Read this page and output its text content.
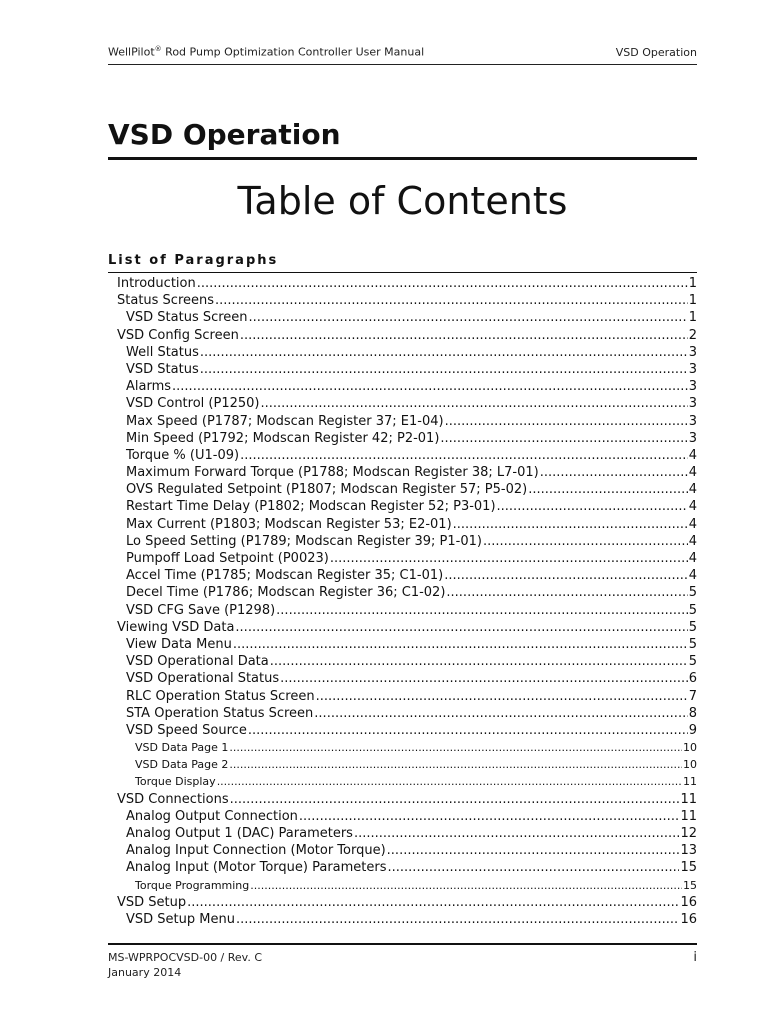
WellPilot® Rod Pump Optimization Controller User Manual	VSD Operation
VSD Operation
Table of Contents
List of Paragraphs
Introduction .....	1
Status Screens .....	1
VSD Status Screen .....	1
VSD Config Screen .....	2
Well Status .....	3
VSD Status .....	3
Alarms .....	3
VSD Control (P1250) .....	3
Max Speed (P1787; Modscan Register 37; E1-04) .....	3
Min Speed (P1792; Modscan Register 42; P2-01) .....	3
Torque % (U1-09) .....	4
Maximum Forward Torque (P1788; Modscan Register 38; L7-01) .....	4
OVS Regulated Setpoint (P1807; Modscan Register 57; P5-02) .....	4
Restart Time Delay (P1802; Modscan Register 52; P3-01) .....	4
Max Current (P1803; Modscan Register 53; E2-01) .....	4
Lo Speed Setting (P1789; Modscan Register 39; P1-01) .....	4
Pumpoff Load Setpoint (P0023) .....	4
Accel Time (P1785; Modscan Register 35; C1-01) .....	4
Decel Time (P1786; Modscan Register 36; C1-02) .....	5
VSD CFG Save (P1298) .....	5
Viewing VSD Data .....	5
View Data Menu .....	5
VSD Operational Data .....	5
VSD Operational Status .....	6
RLC Operation Status Screen .....	7
STA Operation Status Screen .....	8
VSD Speed Source .....	9
VSD Data Page 1 .....	10
VSD Data Page 2 .....	10
Torque Display .....	11
VSD Connections .....	11
Analog Output Connection .....	11
Analog Output 1 (DAC) Parameters .....	12
Analog Input Connection (Motor Torque) .....	13
Analog Input (Motor Torque) Parameters .....	15
Torque Programming .....	15
VSD Setup .....	16
VSD Setup Menu .....	16
MS-WPRPOCVSD-00 / Rev. C	i
January 2014
